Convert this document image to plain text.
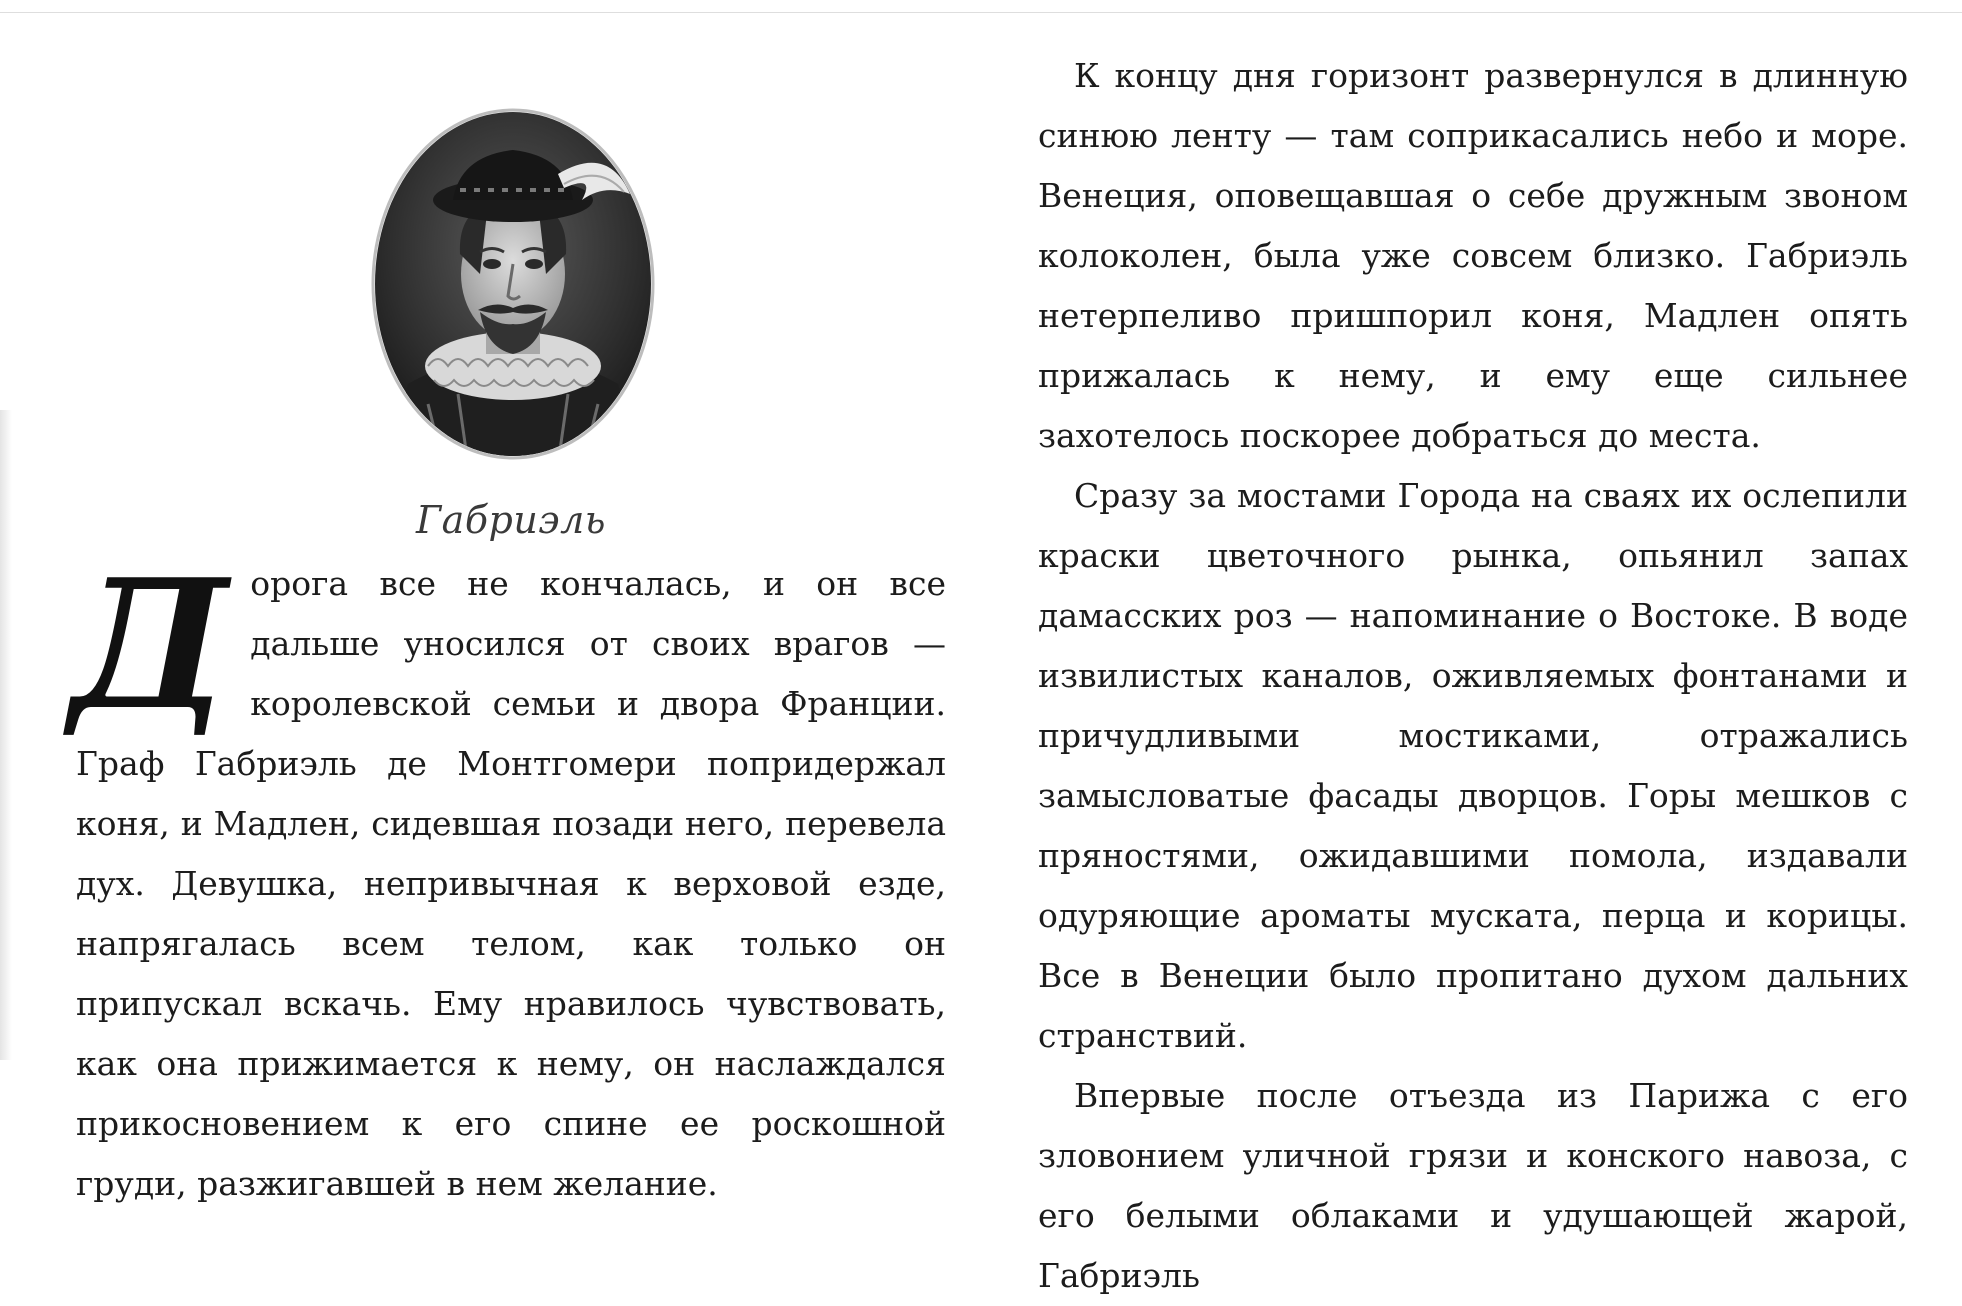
Габриэль
Д орога все не кончалась, и он все дальше уносился от своих врагов — королевской семьи и двора Франции. Граф Габриэль де Монтгомери попридержал коня, и Мадлен, сидевшая позади него, перевела дух. Девушка, непривычная к верховой езде, напрягалась всем телом, как только он припускал вскачь. Ему нравилось чувствовать, как она прижимается к нему, он наслаждался прикосновением к его спине ее роскошной груди, разжигавшей в нем желание.

К концу дня горизонт развернулся в длинную синюю ленту — там соприкасались небо и море. Венеция, оповещавшая о себе дружным звоном колоколен, была уже совсем близко. Габриэль нетерпеливо пришпорил коня, Мадлен опять прижалась к нему, и ему еще сильнее захотелось поскорее добраться до места.

Сразу за мостами Города на сваях их ослепили краски цветочного рынка, опьянил запах дамасских роз — напоминание о Востоке. В воде извилистых каналов, оживляемых фонтанами и причудливыми мостиками, отражались замысловатые фасады дворцов. Горы мешков с пряностями, ожидавшими помола, издавали одуряющие ароматы муската, перца и корицы. Все в Венеции было пропитано духом дальних странствий.

Впервые после отъезда из Парижа с его зловонием уличной грязи и конского навоза, с его белыми облаками и удушающей жарой, Габриэль
